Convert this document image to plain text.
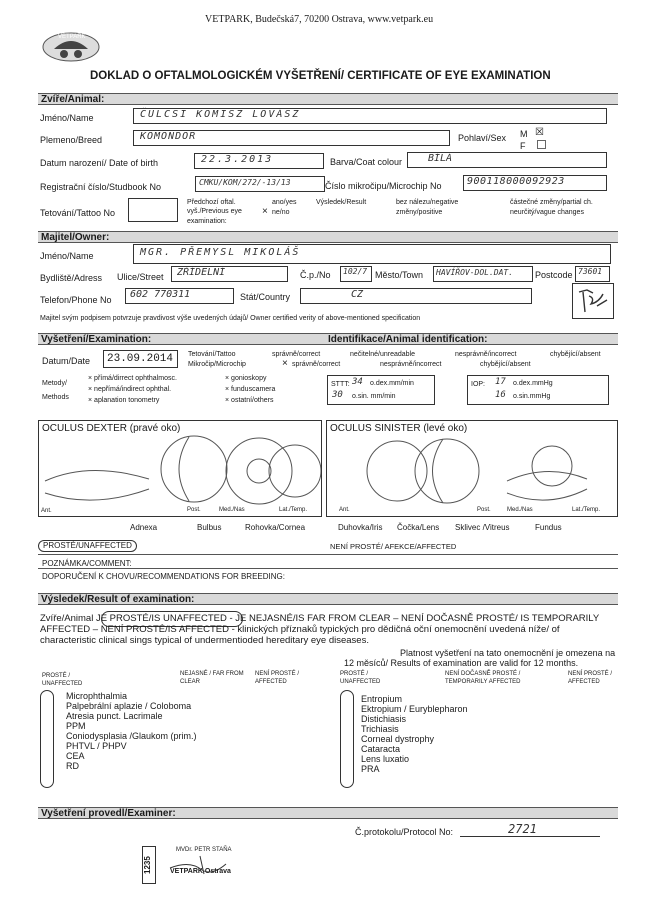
VETPARK, Budečská7, 70200 Ostrava, www.vetpark.eu
VETPARK
DOKLAD O OFTALMOLOGICKÉM VYŠETŘENÍ/ CERTIFICATE OF EYE EXAMINATION
Zvíře/Animal:
Jméno/Name	ČULCSI KOMISZ LOVÁSZ
Plemeno/Breed	KOMONDOR	Pohlaví/Sex M ☒
F
Datum narození/ Date of birth	22.3.2013	Barva/Coat colour	BÍLÁ
Registrační číslo/Studbook No	CMKU/KOM/272/-13/13	Číslo mikročipu/Microchip No	900118000092923
Tetování/Tattoo No
Předchozí oftal.	ano/yes
vyš./Previous eye	ne/no
×
examination:
Výsledek/Result	bez nálezu/negative
změny/positive
částečné změny/partial ch.
neurčitý/vague changes
Majitel/Owner:
Jméno/Name	MGR. PŘEMYSL MIKOLÁŠ
Bydliště/Adress Ulice/Street ZŘÍDELNÍ	Č.p./No 102/7 Město/Town HAVÍŘOV-DOL.DAT. Postcode 73601
Telefon/Phone No 602 770311	Stát/Country	CZ
Majitel svým podpisem potvrzuje pravdivost výše uvedených údajů/ Owner certified verity of above-mentioned specification
Vyšetření/Examination:	Identifikace/Animal identification:
Datum/Date 23.09.2014 Tetování/Tattoo
Mikročip/Microchip
správně/correct	nečitelné/unreadable	nesprávně/incorrect	chybějící/absent
× správně/correct	nesprávně/incorrect	chybějící/absent
Metody/
Methods
× přímá/dirrect ophthalmosc.
× nepřímá/indirect ophthal.
× aplanation tonometry
× gonioskopy
× funduscamera
× ostatní/others
STTT: 34 o.dex.mm/min
30 o.sin. mm/min
IOP: 17 o.dex.mmHg
16 o.sin.mmHg
OCULUS DEXTER (pravé oko)
Ant.	Post.	Med./Nas	Lat./Temp.
OCULUS SINISTER (levé oko)
Ant.	Post.	Med./Nas	Lat./Temp.
Adnexa	Bulbus	Rohovka/Cornea	Duhovka/Iris Čočka/Lens Sklivec /Vitreus	Fundus
PROSTÉ/UNAFFECTED	NENÍ PROSTÉ/ AFEKCE/AFFECTED
POZNÁMKA/COMMENT:
DOPORUČENÍ K CHOVU/RECOMMENDATIONS FOR BREEDING:
Výsledek/Result of examination:
Zvíře/Animal JE PROSTÉ/IS UNAFFECTED - JE NEJASNÉ/IS FAR FROM CLEAR – NENÍ DOČASNĚ PROSTÉ/ IS TEMPORARILY
AFFECTED – NENÍ PROSTÉ/IS AFFECTED - klinických příznaků typických pro dědičná oční onemocnění uvedená níže/ of
characteristic clinical sings typical of undermentioded hereditary eye diseases.
Platnost vyšetření na tato onemocnění je omezena na
12 měsíců/ Results of examination are valid for 12 months.
PROSTÉ / UNAFFECTED
NEJASNÉ / FAR FROM CLEAR
NENÍ PROSTÉ / AFFECTED
PROSTÉ / UNAFFECTED
NENÍ DOČASNĚ PROSTÉ / TEMPORARILY AFFECTED
NENÍ PROSTÉ / AFFECTED
Microphthalmia
Palpebrální aplazie / Coloboma
Atresia punct. Lacrimale
PPM
Coniodysplasia /Glaukom (prim.)
PHTVL / PHPV
CEA
RD
Entropium
Ektropium / Euryblepharon
Distichiasis
Trichiasis
Corneal dystrophy
Cataracta
Lens luxatio
PRA
Vyšetření provedl/Examiner:
Č.protokolu/Protocol No:	2721
1235
MVDr. PETR STAŇA
VETPARK Ostrava
